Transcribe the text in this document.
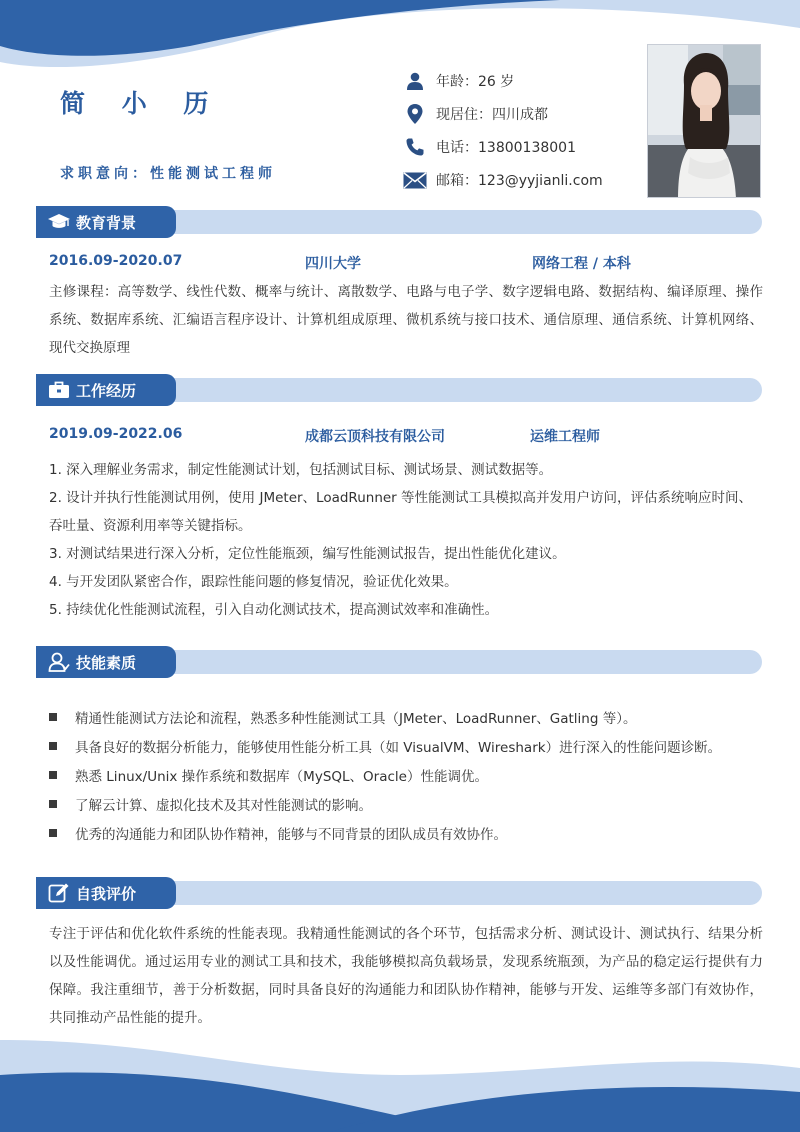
简 小 历
求职意向：性能测试工程师
年龄：26 岁
现居住：四川成都
电话：13800138001
邮箱：123@yyjianli.com
教育背景
2016.09-2020.07	四川大学	网络工程 / 本科
主修课程：高等数学、线性代数、概率与统计、离散数学、电路与电子学、数字逻辑电路、数据结构、编译原理、操作系统、数据库系统、汇编语言程序设计、计算机组成原理、微机系统与接口技术、通信原理、通信系统、计算机网络、现代交换原理
工作经历
2019.09-2022.06	成都云顶科技有限公司	运维工程师
1. 深入理解业务需求，制定性能测试计划，包括测试目标、测试场景、测试数据等。
2. 设计并执行性能测试用例，使用 JMeter、LoadRunner 等性能测试工具模拟高并发用户访问，评估系统响应时间、吞吐量、资源利用率等关键指标。
3. 对测试结果进行深入分析，定位性能瓶颈，编写性能测试报告，提出性能优化建议。
4. 与开发团队紧密合作，跟踪性能问题的修复情况，验证优化效果。
5. 持续优化性能测试流程，引入自动化测试技术，提高测试效率和准确性。
技能素质
精通性能测试方法论和流程，熟悉多种性能测试工具（JMeter、LoadRunner、Gatling 等）。
具备良好的数据分析能力，能够使用性能分析工具（如 VisualVM、Wireshark）进行深入的性能问题诊断。
熟悉 Linux/Unix 操作系统和数据库（MySQL、Oracle）性能调优。
了解云计算、虚拟化技术及其对性能测试的影响。
优秀的沟通能力和团队协作精神，能够与不同背景的团队成员有效协作。
自我评价
专注于评估和优化软件系统的性能表现。我精通性能测试的各个环节，包括需求分析、测试设计、测试执行、结果分析以及性能调优。通过运用专业的测试工具和技术，我能够模拟高负载场景，发现系统瓶颈，为产品的稳定运行提供有力保障。我注重细节，善于分析数据，同时具备良好的沟通能力和团队协作精神，能够与开发、运维等多部门有效协作，共同推动产品性能的提升。
